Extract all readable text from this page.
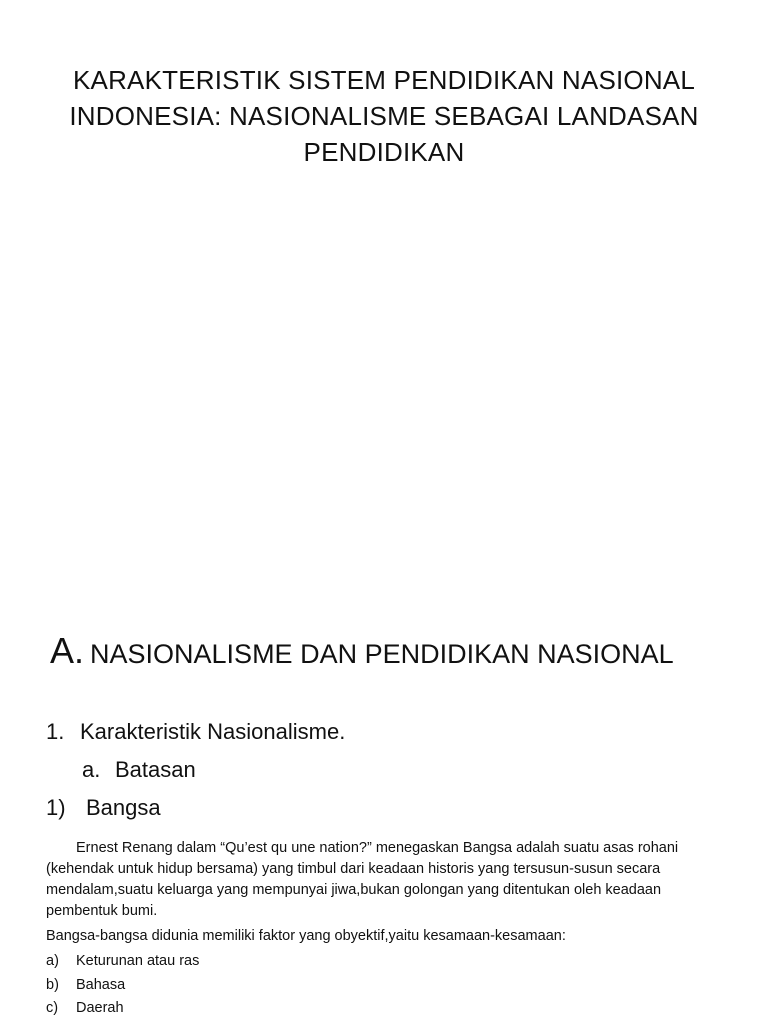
KARAKTERISTIK SISTEM PENDIDIKAN NASIONAL
INDONESIA: NASIONALISME SEBAGAI LANDASAN
PENDIDIKAN
A. NASIONALISME DAN PENDIDIKAN NASIONAL
1. Karakteristik Nasionalisme.
a. Batasan
1) Bangsa

Ernest Renang dalam “Qu’est qu une nation?” menegaskan Bangsa adalah suatu asas rohani (kehendak untuk hidup bersama) yang timbul dari keadaan historis yang tersusun-susun secara mendalam,suatu keluarga yang mempunyai jiwa,bukan golongan yang ditentukan oleh keadaan pembentuk bumi.

Bangsa-bangsa didunia memiliki faktor yang obyektif,yaitu kesamaan-kesamaan:

a)	Keturunan atau ras
b)	Bahasa
c)	Daerah
